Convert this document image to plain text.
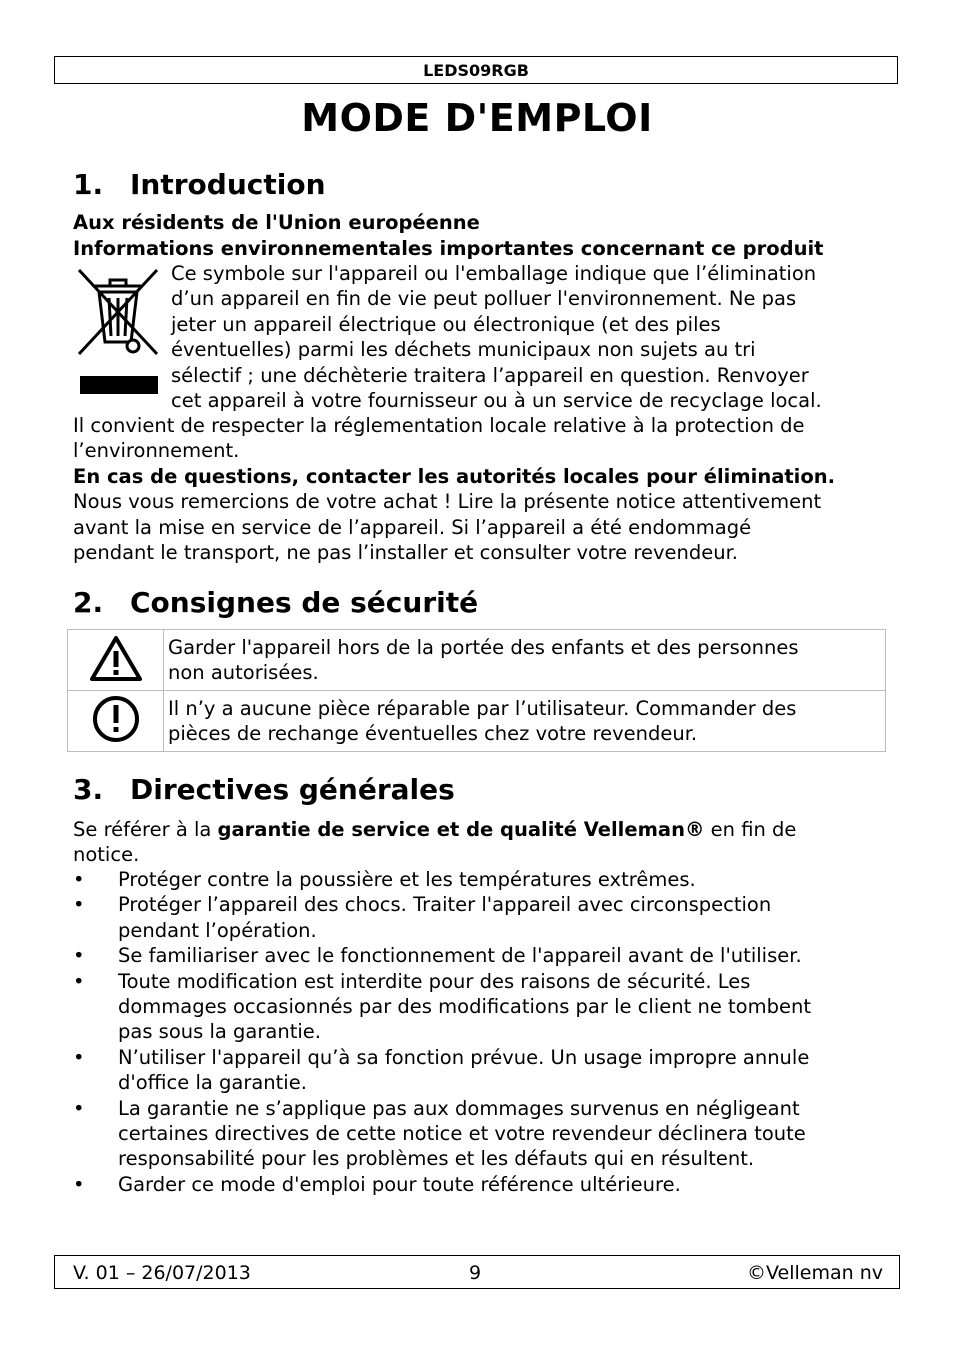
LEDS09RGB
MODE D'EMPLOI
1. Introduction

Aux résidents de l'Union européenne

Informations environnementales importantes concernant ce produit

Ce symbole sur l'appareil ou l'emballage indique que l’élimination
d’un appareil en fin de vie peut polluer l'environnement. Ne pas
jeter un appareil électrique ou électronique (et des piles
éventuelles) parmi les déchets municipaux non sujets au tri
sélectif ; une déchèterie traitera l’appareil en question. Renvoyer
cet appareil à votre fournisseur ou à un service de recyclage local.
Il convient de respecter la réglementation locale relative à la protection de
l’environnement.
En cas de questions, contacter les autorités locales pour élimination.
Nous vous remercions de votre achat ! Lire la présente notice attentivement
avant la mise en service de l’appareil. Si l’appareil a été endommagé
pendant le transport, ne pas l’installer et consulter votre revendeur.
2. Consignes de sécurité

Garder l'appareil hors de la portée des enfants et des personnes
non autorisées.

Il n’y a aucune pièce réparable par l’utilisateur. Commander des
pièces de rechange éventuelles chez votre revendeur.
3. Directives générales
Se référer à la garantie de service et de qualité Velleman® en fin de
notice.
• Protéger contre la poussière et les températures extrêmes.
• Protéger l’appareil des chocs. Traiter l'appareil avec circonspection
pendant l’opération.
• Se familiariser avec le fonctionnement de l'appareil avant de l'utiliser.
• Toute modification est interdite pour des raisons de sécurité. Les
dommages occasionnés par des modifications par le client ne tombent
pas sous la garantie.
• N’utiliser l'appareil qu’à sa fonction prévue. Un usage impropre annule
d'office la garantie.
• La garantie ne s’applique pas aux dommages survenus en négligeant
certaines directives de cette notice et votre revendeur déclinera toute
responsabilité pour les problèmes et les défauts qui en résultent.
• Garder ce mode d'emploi pour toute référence ultérieure.
V. 01 – 26/07/2013	9	©Velleman nv
